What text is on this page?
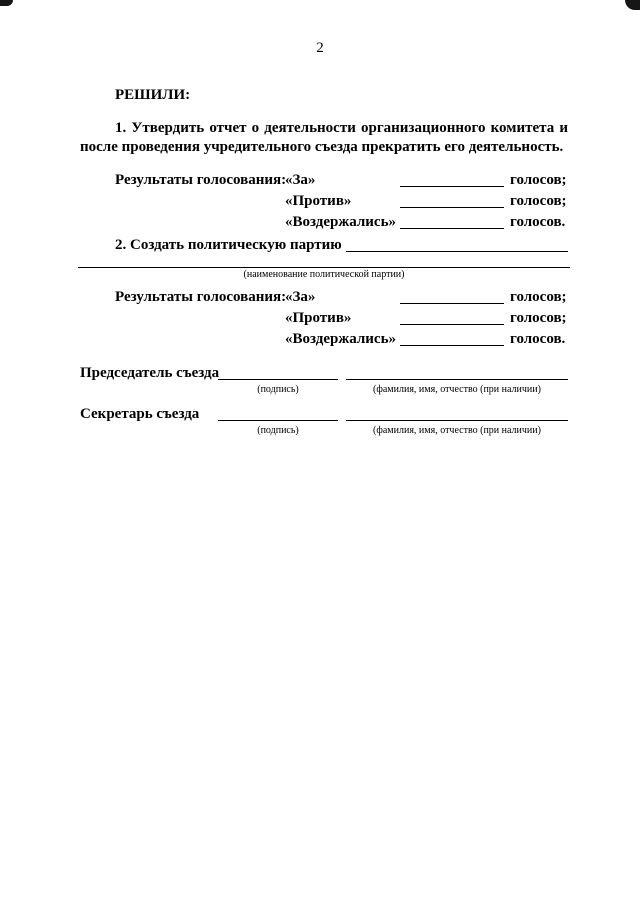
2
РЕШИЛИ:

1. Утвердить отчет о деятельности организационного комитета и после проведения учредительного съезда прекратить его деятельность.

Результаты голосования:
«За»	голосов;
«Против»	голосов;
«Воздержались»	голосов.
2. Создать политическую партию
(наименование политической партии)
Результаты голосования:
«За»	голосов;
«Против»	голосов;
«Воздержались»	голосов.
Председатель съезда
(подпись)	(фамилия, имя, отчество (при наличии)
Секретарь съезда
(подпись)	(фамилия, имя, отчество (при наличии)
